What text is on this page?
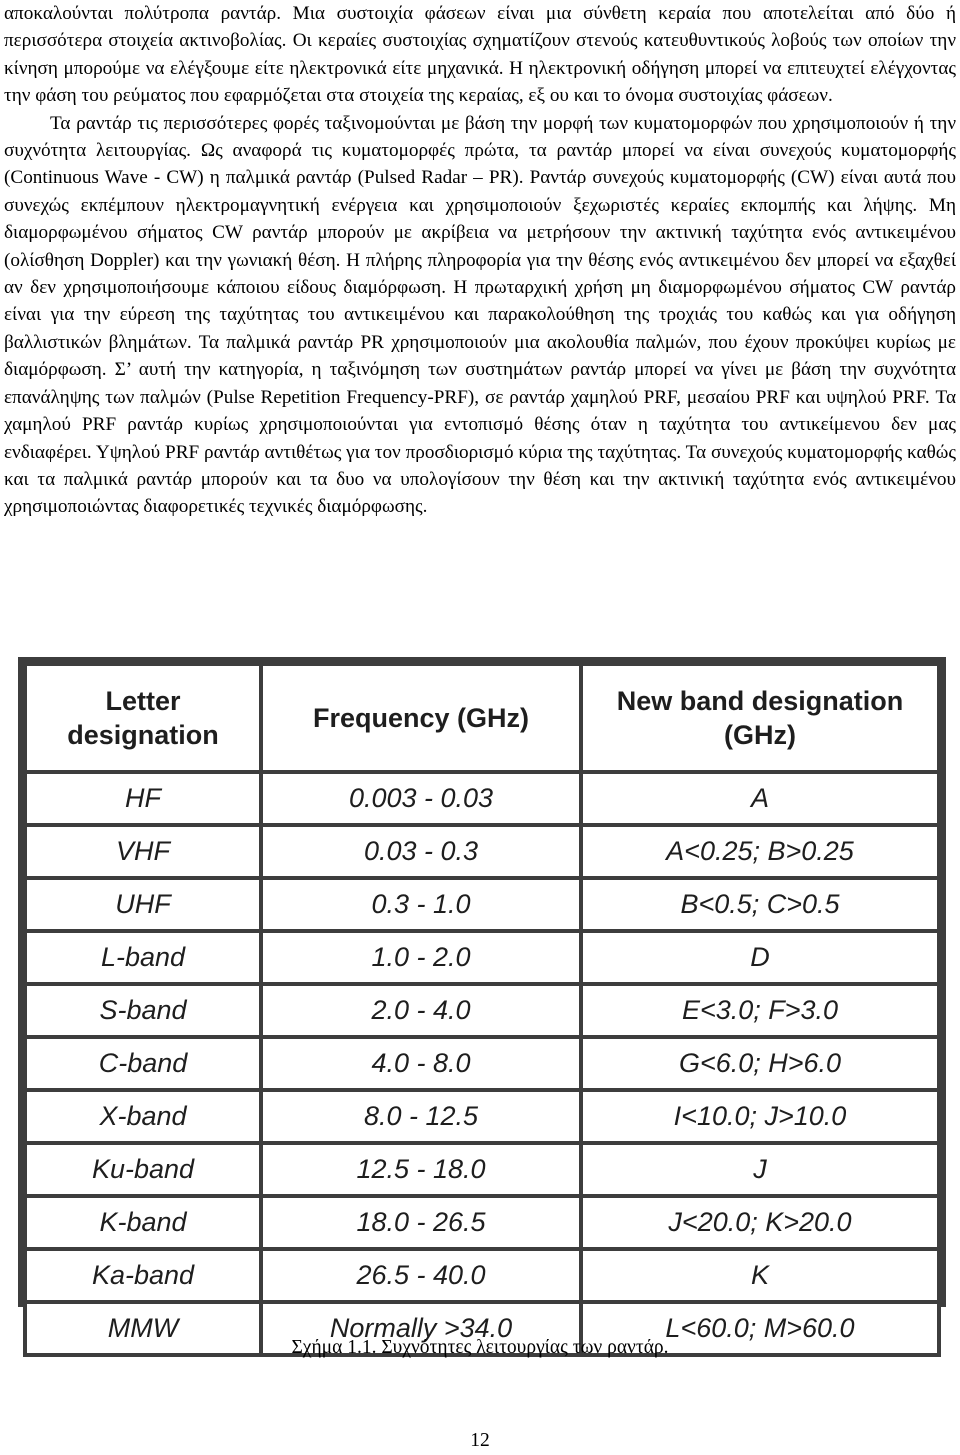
αποκαλούνται πολύτροπα ραντάρ. Μια συστοιχία φάσεων είναι μια σύνθετη κεραία που αποτελείται από δύο ή περισσότερα στοιχεία ακτινοβολίας. Οι κεραίες συστοιχίας σχηματίζουν στενούς κατευθυντικούς λοβούς των οποίων την κίνηση μπορούμε να ελέγξουμε είτε ηλεκτρονικά είτε μηχανικά. Η ηλεκτρονική οδήγηση μπορεί να επιτευχτεί ελέγχοντας την φάση του ρεύματος που εφαρμόζεται στα στοιχεία της κεραίας, εξ ου και το όνομα συστοιχίας φάσεων.

Τα ραντάρ τις περισσότερες φορές ταξινομούνται με βάση την μορφή των κυματομορφών που χρησιμοποιούν ή την συχνότητα λειτουργίας. Ως αναφορά τις κυματομορφές πρώτα, τα ραντάρ μπορεί να είναι συνεχούς κυματομορφής (Continuous Wave - CW) η παλμικά ραντάρ (Pulsed Radar – PR). Ραντάρ συνεχούς κυματομορφής (CW) είναι αυτά που συνεχώς εκπέμπουν ηλεκτρομαγνητική ενέργεια και χρησιμοποιούν ξεχωριστές κεραίες εκπομπής και λήψης. Μη διαμορφωμένου σήματος CW ραντάρ μπορούν με ακρίβεια να μετρήσουν την ακτινική ταχύτητα ενός αντικειμένου (ολίσθηση Doppler) και την γωνιακή θέση. Η πλήρης πληροφορία για την θέσης ενός αντικειμένου δεν μπορεί να εξαχθεί αν δεν χρησιμοποιήσουμε κάποιου είδους διαμόρφωση. Η πρωταρχική χρήση μη διαμορφωμένου σήματος CW ραντάρ είναι για την εύρεση της ταχύτητας του αντικειμένου και παρακολούθηση της τροχιάς του καθώς και για οδήγηση βαλλιστικών βλημάτων. Τα παλμικά ραντάρ PR χρησιμοποιούν μια ακολουθία παλμών, που έχουν προκύψει κυρίως με διαμόρφωση. Σ’ αυτή την κατηγορία, η ταξινόμηση των συστημάτων ραντάρ μπορεί να γίνει με βάση την συχνότητα επανάληψης των παλμών (Pulse Repetition Frequency-PRF), σε ραντάρ χαμηλού PRF, μεσαίου PRF και υψηλού PRF. Τα χαμηλού PRF ραντάρ κυρίως χρησιμοποιούνται για εντοπισμό θέσης όταν η ταχύτητα του αντικείμενου δεν μας ενδιαφέρει. Υψηλού PRF ραντάρ αντιθέτως για τον προσδιορισμό κύρια της ταχύτητας. Τα συνεχούς κυματομορφής καθώς και τα παλμικά ραντάρ μπορούν και τα δυο να υπολογίσουν την θέση και την ακτινική ταχύτητα ενός αντικειμένου χρησιμοποιώντας διαφορετικές τεχνικές διαμόρφωσης.

Letter
designation	Frequency (GHz)	New band designation
(GHz)

HF	0.003 - 0.03	A
VHF	0.03 - 0.3	A<0.25; B>0.25
UHF	0.3 - 1.0	B<0.5; C>0.5
L-band	1.0 - 2.0	D
S-band	2.0 - 4.0	E<3.0; F>3.0
C-band	4.0 - 8.0	G<6.0; H>6.0
X-band	8.0 - 12.5	I<10.0; J>10.0
Ku-band	12.5 - 18.0	J
K-band	18.0 - 26.5	J<20.0; K>20.0
Ka-band	26.5 - 40.0	K
MMW	Normally >34.0	L<60.0; M>60.0
Σχήμα 1.1. Συχνότητες λειτουργίας των ραντάρ.
12
